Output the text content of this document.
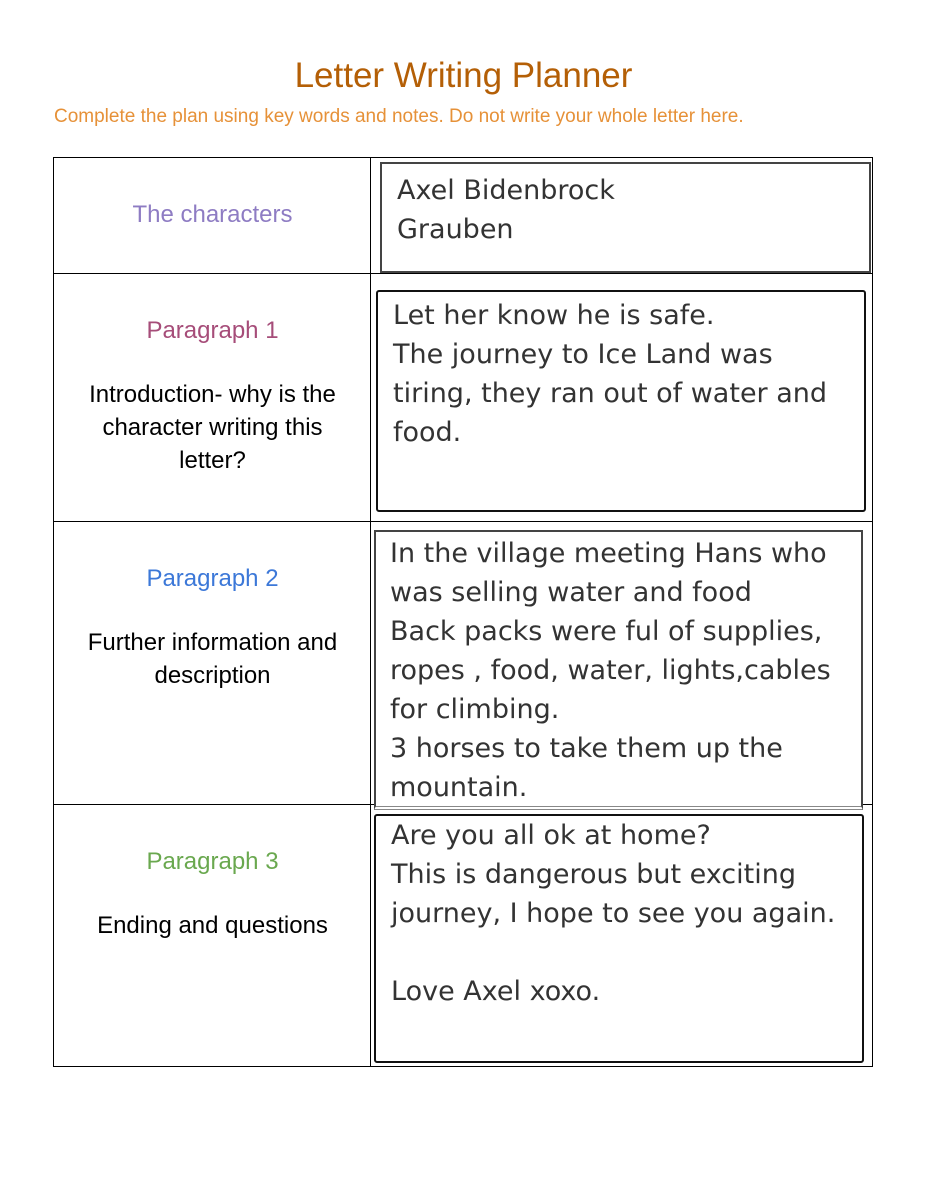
Letter Writing Planner
Complete the plan using key words and notes. Do not write your whole letter here.
The characters
Axel Bidenbrock
Grauben
Paragraph 1
Introduction- why is the
character writing this
letter?
Let her know he is safe.
The journey to Ice Land was
tiring, they ran out of water and
food.
Paragraph 2
Further information and
description
In the village meeting Hans who
was selling water and food
Back packs were ful of supplies,
ropes , food, water, lights,cables
for climbing.
3 horses to take them up the
mountain.
Paragraph 3
Ending and questions
Are you all ok at home?
This is dangerous but exciting
journey, I hope to see you again.
Love Axel xoxo.
